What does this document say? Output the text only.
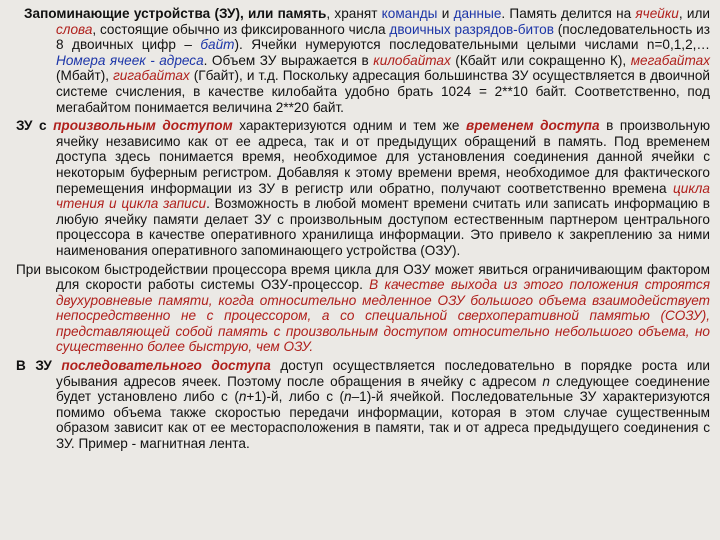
Запоминающие устройства (ЗУ), или память, хранят команды и данные. Память делится на ячейки, или слова, состоящие обычно из фиксированного числа двоичных разрядов-битов (последовательность из 8 двоичных цифр – байт). Ячейки нумеруются последовательными целыми числами n=0,1,2,… Номера ячеек - адреса. Объем ЗУ выражается в килобайтах (Кбайт или сокращенно К), мегабайтах (Мбайт), гигабайтах (Гбайт), и т.д. Поскольку адресация большинства ЗУ осуществляется в двоичной системе счисления, в качестве килобайта удобно брать 1024 = 2**10 байт. Соответственно, под мегабайтом понимается величина 2**20 байт.

ЗУ с произвольным доступом характеризуются одним и тем же временем доступа в произвольную ячейку независимо как от ее адреса, так и от предыдущих обращений в память. Под временем доступа здесь понимается время, необходимое для установления соединения данной ячейки с некоторым буферным регистром. Добавляя к этому времени время, необходимое для фактического перемещения информации из ЗУ в регистр или обратно, получают соответственно времена цикла чтения и цикла записи. Возможность в любой момент времени считать или записать информацию в любую ячейку памяти делает ЗУ с произвольным доступом естественным партнером центрального процессора в качестве оперативного хранилища информации. Это привело к закреплению за ними наименования оперативного запоминающего устройства (ОЗУ).

При высоком быстродействии процессора время цикла для ОЗУ может явиться ограничивающим фактором для скорости работы системы ОЗУ-процессор. В качестве выхода из этого положения строятся двухуровневые памяти, когда относительно медленное ОЗУ большого объема взаимодействует непосредственно не с процессором, а со специальной сверхоперативной памятью (СОЗУ), представляющей собой память с произвольным доступом относительно небольшого объема, но существенно более быструю, чем ОЗУ.

В ЗУ последовательного доступа доступ осуществляется последовательно в порядке роста или убывания адресов ячеек. Поэтому после обращения в ячейку с адресом n следующее соединение будет установлено либо с (n+1)-й, либо с (n–1)-й ячейкой. Последовательные ЗУ характеризуются помимо объема также скоростью передачи информации, которая в этом случае существенным образом зависит как от ее месторасположения в памяти, так и от адреса предыдущего соединения с ЗУ. Пример - магнитная лента.
